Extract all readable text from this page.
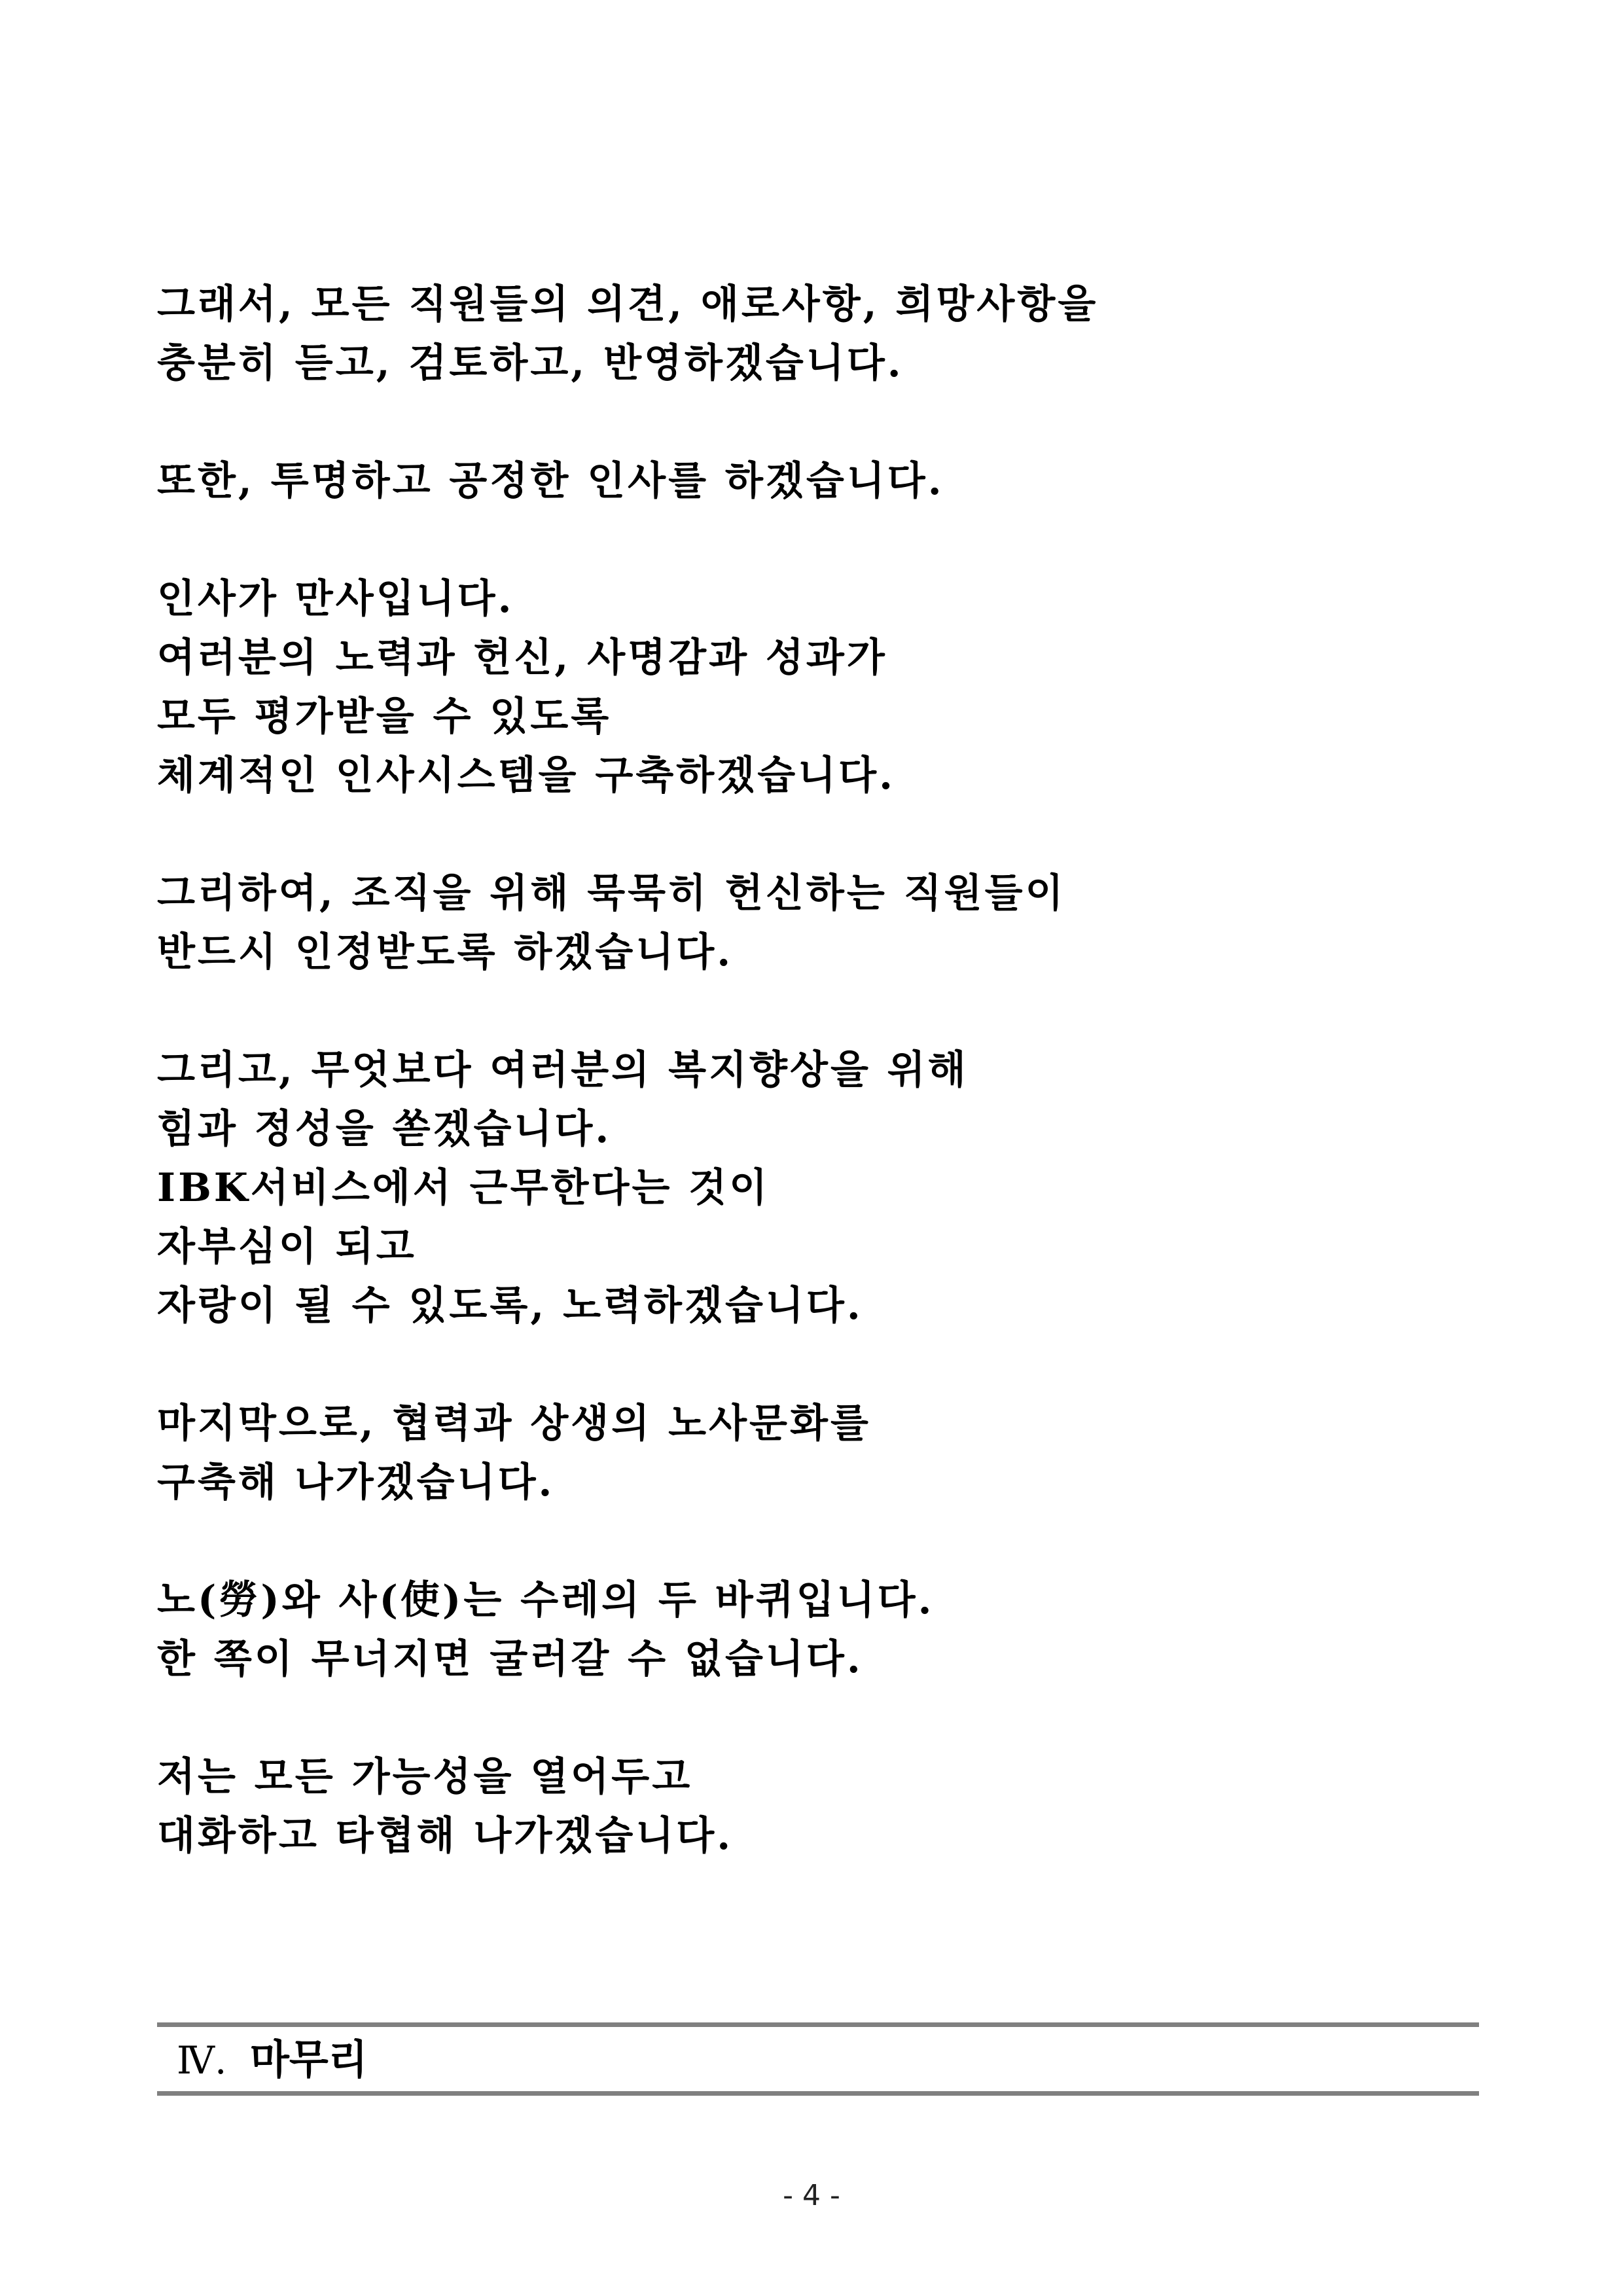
그래서, 모든 직원들의 의견, 애로사항, 희망사항을
충분히 듣고, 검토하고, 반영하겠습니다.
또한, 투명하고 공정한 인사를 하겠습니다.
인사가 만사입니다.
여러분의 노력과 헌신, 사명감과 성과가
모두 평가받을 수 있도록
체계적인 인사시스템을 구축하겠습니다.
그리하여, 조직을 위해 묵묵히 헌신하는 직원들이
반드시 인정받도록 하겠습니다.
그리고, 무엇보다 여러분의 복지향상을 위해
힘과 정성을 쏟겠습니다.
IBK서비스에서 근무한다는 것이
자부심이 되고
자랑이 될 수 있도록, 노력하겠습니다.
마지막으로, 협력과 상생의 노사문화를
구축해 나가겠습니다.
노(勞)와 사(使)는 수레의 두 바퀴입니다.
한 쪽이 무너지면 굴러갈 수 없습니다.
저는 모든 가능성을 열어두고
대화하고 타협해 나가겠습니다.
Ⅳ. 마무리
- 4 -
